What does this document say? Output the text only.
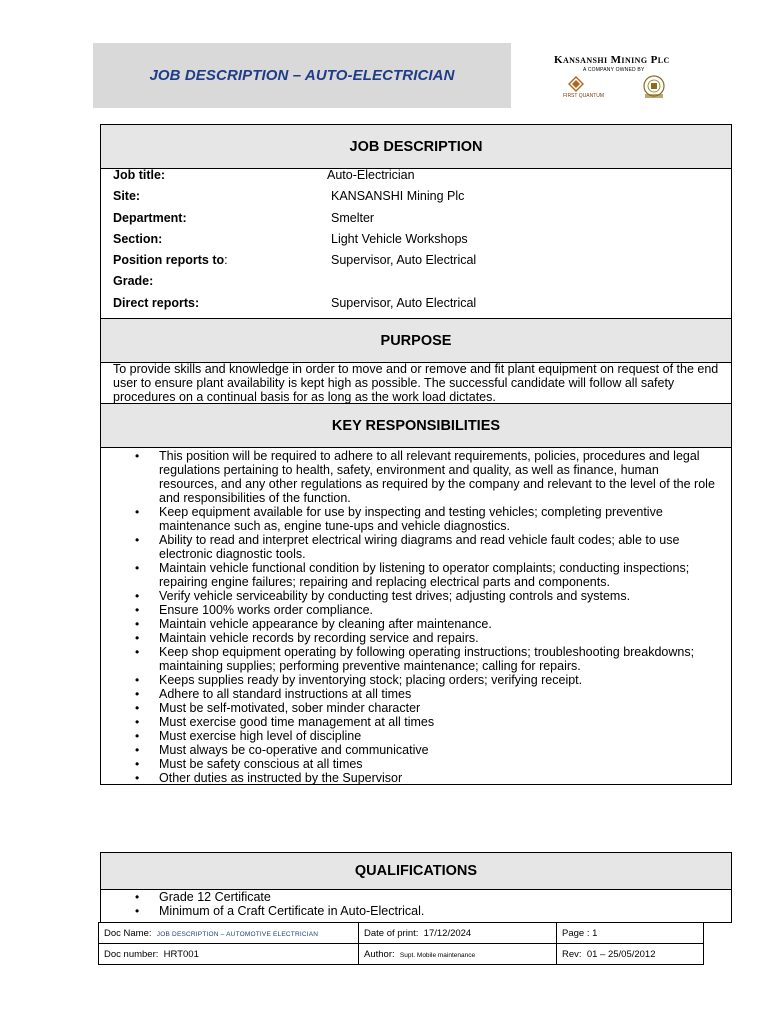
JOB DESCRIPTION – AUTO-ELECTRICIAN
Kansanshi Mining Plc
A COMPANY OWNED BY
FIRST QUANTUM
JOB DESCRIPTION
Job title:	Auto-Electrician
Site:	KANSANSHI Mining Plc
Department:	Smelter
Section:	Light Vehicle Workshops
Position reports to:	Supervisor, Auto Electrical
Grade:
Direct reports:	Supervisor, Auto Electrical
PURPOSE
To provide skills and knowledge in order to move and or remove and fit plant equipment on request of the end user to ensure plant availability is kept high as possible. The successful candidate will follow all safety procedures on a continual basis for as long as the work load dictates.
KEY RESPONSIBILITIES
• This position will be required to adhere to all relevant requirements, policies, procedures and legal regulations pertaining to health, safety, environment and quality, as well as finance, human resources, and any other regulations as required by the company and relevant to the level of the role and responsibilities of the function.
• Keep equipment available for use by inspecting and testing vehicles; completing preventive maintenance such as, engine tune-ups and vehicle diagnostics.
• Ability to read and interpret electrical wiring diagrams and read vehicle fault codes; able to use electronic diagnostic tools.
• Maintain vehicle functional condition by listening to operator complaints; conducting inspections; repairing engine failures; repairing and replacing electrical parts and components.
• Verify vehicle serviceability by conducting test drives; adjusting controls and systems.
• Ensure 100% works order compliance.
• Maintain vehicle appearance by cleaning after maintenance.
• Maintain vehicle records by recording service and repairs.
• Keep shop equipment operating by following operating instructions; troubleshooting breakdowns; maintaining supplies; performing preventive maintenance; calling for repairs.
• Keeps supplies ready by inventorying stock; placing orders; verifying receipt.
• Adhere to all standard instructions at all times
• Must be self-motivated, sober minder character
• Must exercise good time management at all times
• Must exercise high level of discipline
• Must always be co-operative and communicative
• Must be safety conscious at all times
• Other duties as instructed by the Supervisor
QUALIFICATIONS
• Grade 12 Certificate
• Minimum of a Craft Certificate in Auto-Electrical.
Doc Name: JOB DESCRIPTION – AUTOMOTIVE ELECTRICIAN	Date of print: 17/12/2024	Page : 1
Doc number: HRT001	Author: Supt. Mobile maintenance	Rev: 01 – 25/05/2012
